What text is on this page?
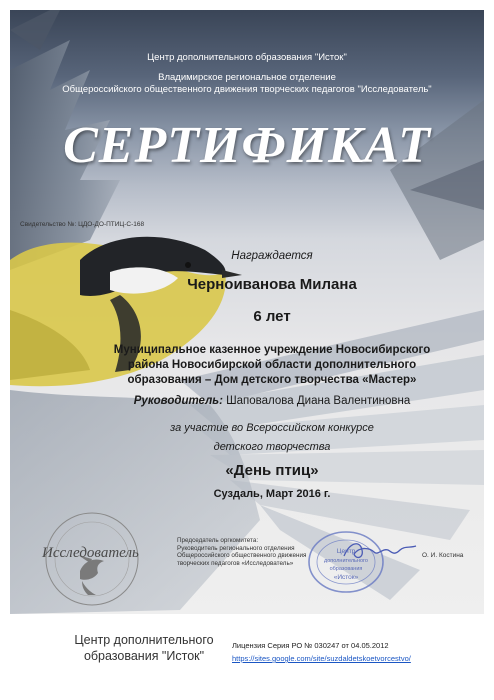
Центр дополнительного образования "Исток"
Владимирское региональное отделение
Общероссийского общественного движения творческих педагогов "Исследователь"
СЕРТИФИКАТ
Свидетельство №: ЦДО-ДО-ПТИЦ-С-168
Награждается
Черноиванова Милана
6 лет
Муниципальное казенное учреждение Новосибирского
района Новосибирской области дополнительного
образования – Дом детского творчества «Мастер»
Руководитель: Шаповалова Диана Валентиновна
за участие во Всероссийском конкурсе
детского творчества
«День птиц»
Суздаль, Март 2016 г.
Исследователь
Председатель оргкомитета:
Руководитель регионального отделения
Общероссийского общественного движения
творческих педагогов «Исследователь»
Центр
дополнительного
образования
«Исток»
О. И. Костина
Центр дополнительного
образования "Исток"
Лицензия Серия РО № 030247 от 04.05.2012
https://sites.google.com/site/suzdaldetskoetvorcestvo/
